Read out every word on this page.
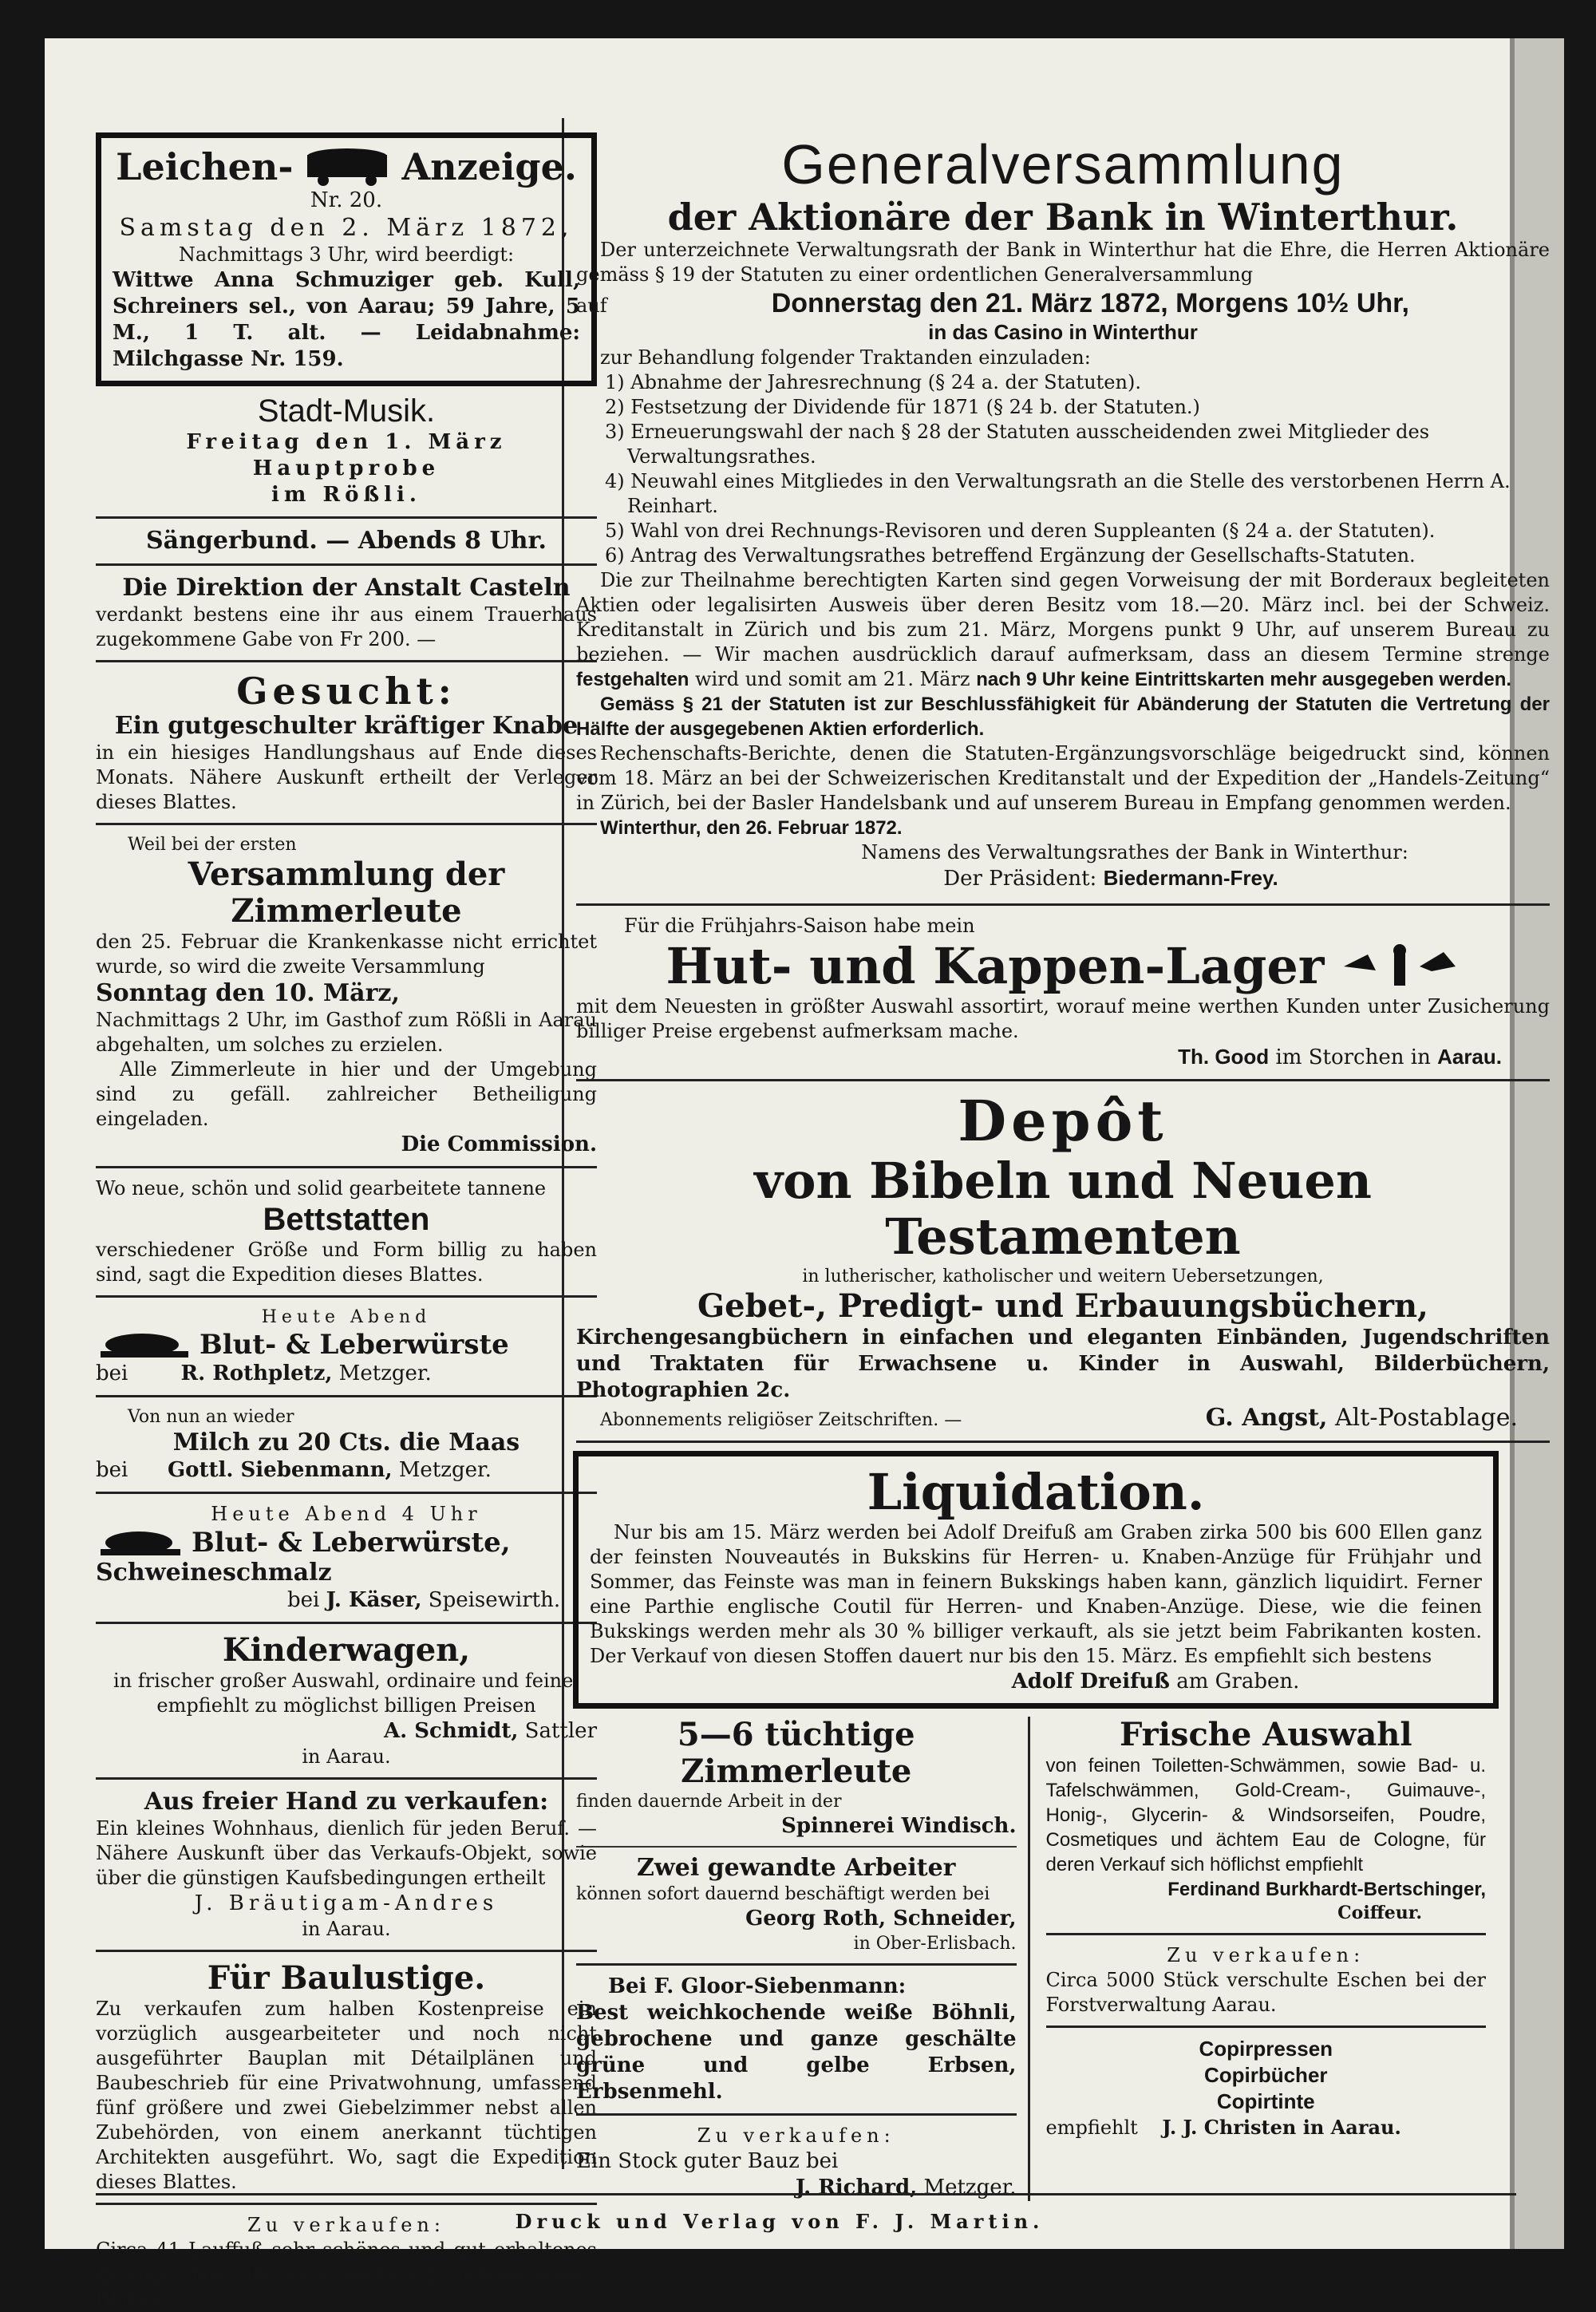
Leichen-	Anzeige.

Nr. 20.

Samstag den 2. März 1872,

Nachmittags 3 Uhr, wird beerdigt:

Wittwe Anna Schmuziger geb. Kull, Schreiners sel., von Aarau; 59 Jahre, 5 M., 1 T. alt. — Leidabnahme: Milchgasse Nr. 159.

Stadt-Musik.

Freitag den 1. März Hauptprobe

im Rößli.

Sängerbund. — Abends 8 Uhr.

Die Direktion der Anstalt Casteln

verdankt bestens eine ihr aus einem Trauerhaus zugekommene Gabe von Fr 200. —

Gesucht:

Ein gutgeschulter kräftiger Knabe

in ein hiesiges Handlungshaus auf Ende dieses Monats. Nähere Auskunft ertheilt der Verleger dieses Blattes.

Weil bei der ersten

Versammlung der Zimmerleute

den 25. Februar die Krankenkasse nicht errichtet wurde, so wird die zweite Versammlung

Sonntag den 10. März,

Nachmittags 2 Uhr, im Gasthof zum Rößli in Aarau abgehalten, um solches zu erzielen.

Alle Zimmerleute in hier und der Umgebung sind zu gefäll. zahlreicher Betheiligung eingeladen.

Die Commission.

Wo neue, schön und solid gearbeitete tannene

Bettstatten

verschiedener Größe und Form billig zu haben sind, sagt die Expedition dieses Blattes.

Heute Abend

Blut- & Leberwürste

bei	R. Rothpletz, Metzger.

Von nun an wieder

Milch zu 20 Cts. die Maas

bei Gottl. Siebenmann, Metzger.

Heute Abend 4 Uhr

Blut- & Leberwürste,

Schweineschmalz

bei J. Käser, Speisewirth.

Kinderwagen,

in frischer großer Auswahl, ordinaire und feine, empfiehlt zu möglichst billigen Preisen

A. Schmidt, Sattler

in Aarau.

Aus freier Hand zu verkaufen:

Ein kleines Wohnhaus, dienlich für jeden Beruf. — Nähere Auskunft über das Verkaufs-Objekt, sowie über die günstigen Kaufsbedingungen ertheilt

J. Bräutigam-Andres

in Aarau.

Für Baulustige.

Zu verkaufen zum halben Kostenpreise ein vorzüglich ausgearbeiteter und noch nicht ausgeführter Bauplan mit Détailplänen und Baubeschrieb für eine Privatwohnung, umfassend fünf größere und zwei Giebelzimmer nebst allen Zubehörden, von einem anerkannt tüchtigen Architekten ausgeführt. Wo, sagt die Expedition dieses Blattes.

Zu verkaufen:

Circa 41 Lauffuß sehr schönes und gut erhaltenes Eisengeländer. Bei wem, sagt die Expedition dieses Blattes.

Generalversammlung

der Aktionäre der Bank in Winterthur.

Der unterzeichnete Verwaltungsrath der Bank in Winterthur hat die Ehre, die Herren Aktionäre gemäss § 19 der Statuten zu einer ordentlichen Generalversammlung

auf	Donnerstag den 21. März 1872, Morgens 10½ Uhr,

in das Casino in Winterthur

zur Behandlung folgender Traktanden einzuladen:

1) Abnahme der Jahresrechnung (§ 24 a. der Statuten).

2) Festsetzung der Dividende für 1871 (§ 24 b. der Statuten.)

3) Erneuerungswahl der nach § 28 der Statuten ausscheidenden zwei Mitglieder des Verwaltungsrathes.

4) Neuwahl eines Mitgliedes in den Verwaltungsrath an die Stelle des verstorbenen Herrn A. Reinhart.

5) Wahl von drei Rechnungs-Revisoren und deren Suppleanten (§ 24 a. der Statuten).

6) Antrag des Verwaltungsrathes betreffend Ergänzung der Gesellschafts-Statuten.

Die zur Theilnahme berechtigten Karten sind gegen Vorweisung der mit Borderaux begleiteten Aktien oder legalisirten Ausweis über deren Besitz vom 18.—20. März incl. bei der Schweiz. Kreditanstalt in Zürich und bis zum 21. März, Morgens punkt 9 Uhr, auf unserem Bureau zu beziehen. — Wir machen ausdrücklich darauf aufmerksam, dass an diesem Termine strenge festgehalten wird und somit am 21. März nach 9 Uhr keine Eintrittskarten mehr ausgegeben werden.

Gemäss § 21 der Statuten ist zur Beschlussfähigkeit für Abänderung der Statuten die Vertretung der Hälfte der ausgegebenen Aktien erforderlich.

Rechenschafts-Berichte, denen die Statuten-Ergänzungsvorschläge beigedruckt sind, können vom 18. März an bei der Schweizerischen Kreditanstalt und der Expedition der „Handels-Zeitung“ in Zürich, bei der Basler Handelsbank und auf unserem Bureau in Empfang genommen werden.

Winterthur, den 26. Februar 1872.

Namens des Verwaltungsrathes der Bank in Winterthur:

Der Präsident: Biedermann-Frey.

Für die Frühjahrs-Saison habe mein

Hut- und Kappen-Lager

mit dem Neuesten in größter Auswahl assortirt, worauf meine werthen Kunden unter Zusicherung billiger Preise ergebenst aufmerksam mache.

Th. Good im Storchen in Aarau.

Depôt

von Bibeln und Neuen Testamenten

in lutherischer, katholischer und weitern Uebersetzungen,

Gebet-, Predigt- und Erbauungsbüchern,

Kirchengesangbüchern in einfachen und eleganten Einbänden, Jugendschriften und Traktaten für Erwachsene u. Kinder in Auswahl, Bilderbüchern, Photographien 2c.

Abonnements religiöser Zeitschriften. —	G. Angst, Alt-Postablage.

Liquidation.

Nur bis am 15. März werden bei Adolf Dreifuß am Graben zirka 500 bis 600 Ellen ganz der feinsten Nouveautés in Bukskins für Herren- u. Knaben-Anzüge für Frühjahr und Sommer, das Feinste was man in feinern Bukskings haben kann, gänzlich liquidirt. Ferner eine Parthie englische Coutil für Herren- und Knaben-Anzüge. Diese, wie die feinen Bukskings werden mehr als 30 % billiger verkauft, als sie jetzt beim Fabrikanten kosten. Der Verkauf von diesen Stoffen dauert nur bis den 15. März. Es empfiehlt sich bestens

Adolf Dreifuß am Graben.

5—6 tüchtige Zimmerleute

finden dauernde Arbeit in der

Spinnerei Windisch.

Zwei gewandte Arbeiter

können sofort dauernd beschäftigt werden bei

Georg Roth, Schneider,

in Ober-Erlisbach.

Bei F. Gloor-Siebenmann:

Best weichkochende weiße Böhnli, gebrochene und ganze geschälte grüne und gelbe Erbsen, Erbsenmehl.

Zu verkaufen:

Ein Stock guter Bauz bei

J. Richard, Metzger.

Frische Auswahl

von feinen Toiletten-Schwämmen, sowie Bad- u. Tafelschwämmen, Gold-Cream-, Guimauve-, Honig-, Glycerin- & Windsorseifen, Poudre, Cosmetiques und ächtem Eau de Cologne, für deren Verkauf sich höflichst empfiehlt

Ferdinand Burkhardt-Bertschinger,

Coiffeur.

Zu verkaufen:

Circa 5000 Stück verschulte Eschen bei der Forstverwaltung Aarau.

Copirpressen

Copirbücher

Copirtinte

empfiehlt J. J. Christen in Aarau.

Druck und Verlag von F. J. Martin.
